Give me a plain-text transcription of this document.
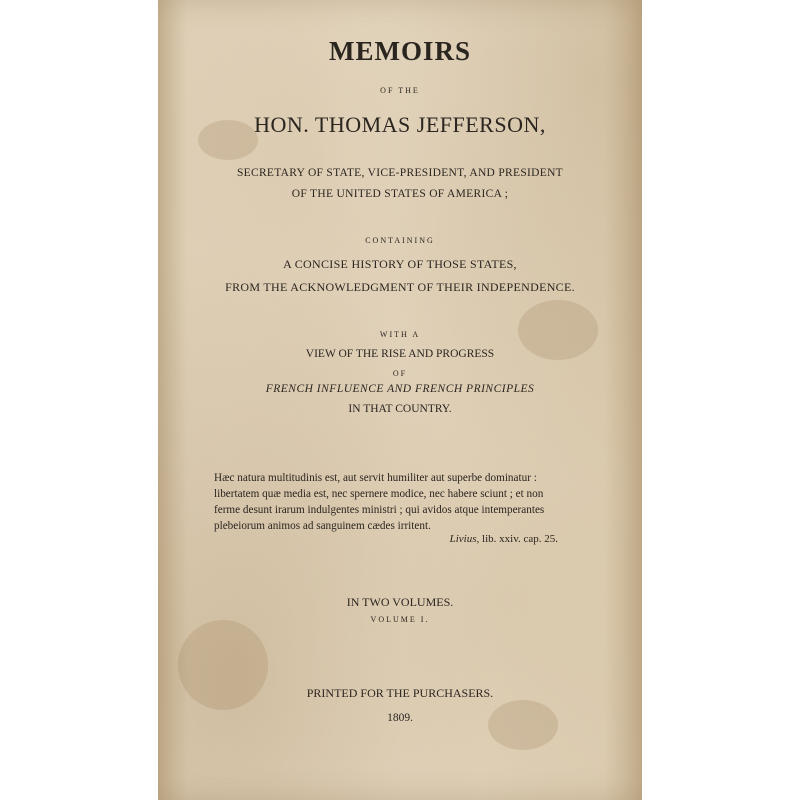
MEMOIRS
OF THE
HON. THOMAS JEFFERSON,
SECRETARY OF STATE, VICE-PRESIDENT, AND PRESIDENT
OF THE UNITED STATES OF AMERICA ;
CONTAINING
A CONCISE HISTORY OF THOSE STATES,
FROM THE ACKNOWLEDGMENT OF THEIR INDEPENDENCE.
WITH A
VIEW OF THE RISE AND PROGRESS
OF
FRENCH INFLUENCE AND FRENCH PRINCIPLES
IN THAT COUNTRY.
Hæc natura multitudinis est, aut servit humiliter aut superbe dominatur :
libertatem quæ media est, nec spernere modice, nec habere sciunt ; et non
ferme desunt irarum indulgentes ministri ; qui avidos atque intemperantes
plebeiorum animos ad sanguinem cædes irritent.
Livius, lib. xxiv. cap. 25.
IN TWO VOLUMES.
VOLUME I.
PRINTED FOR THE PURCHASERS.
1809.
